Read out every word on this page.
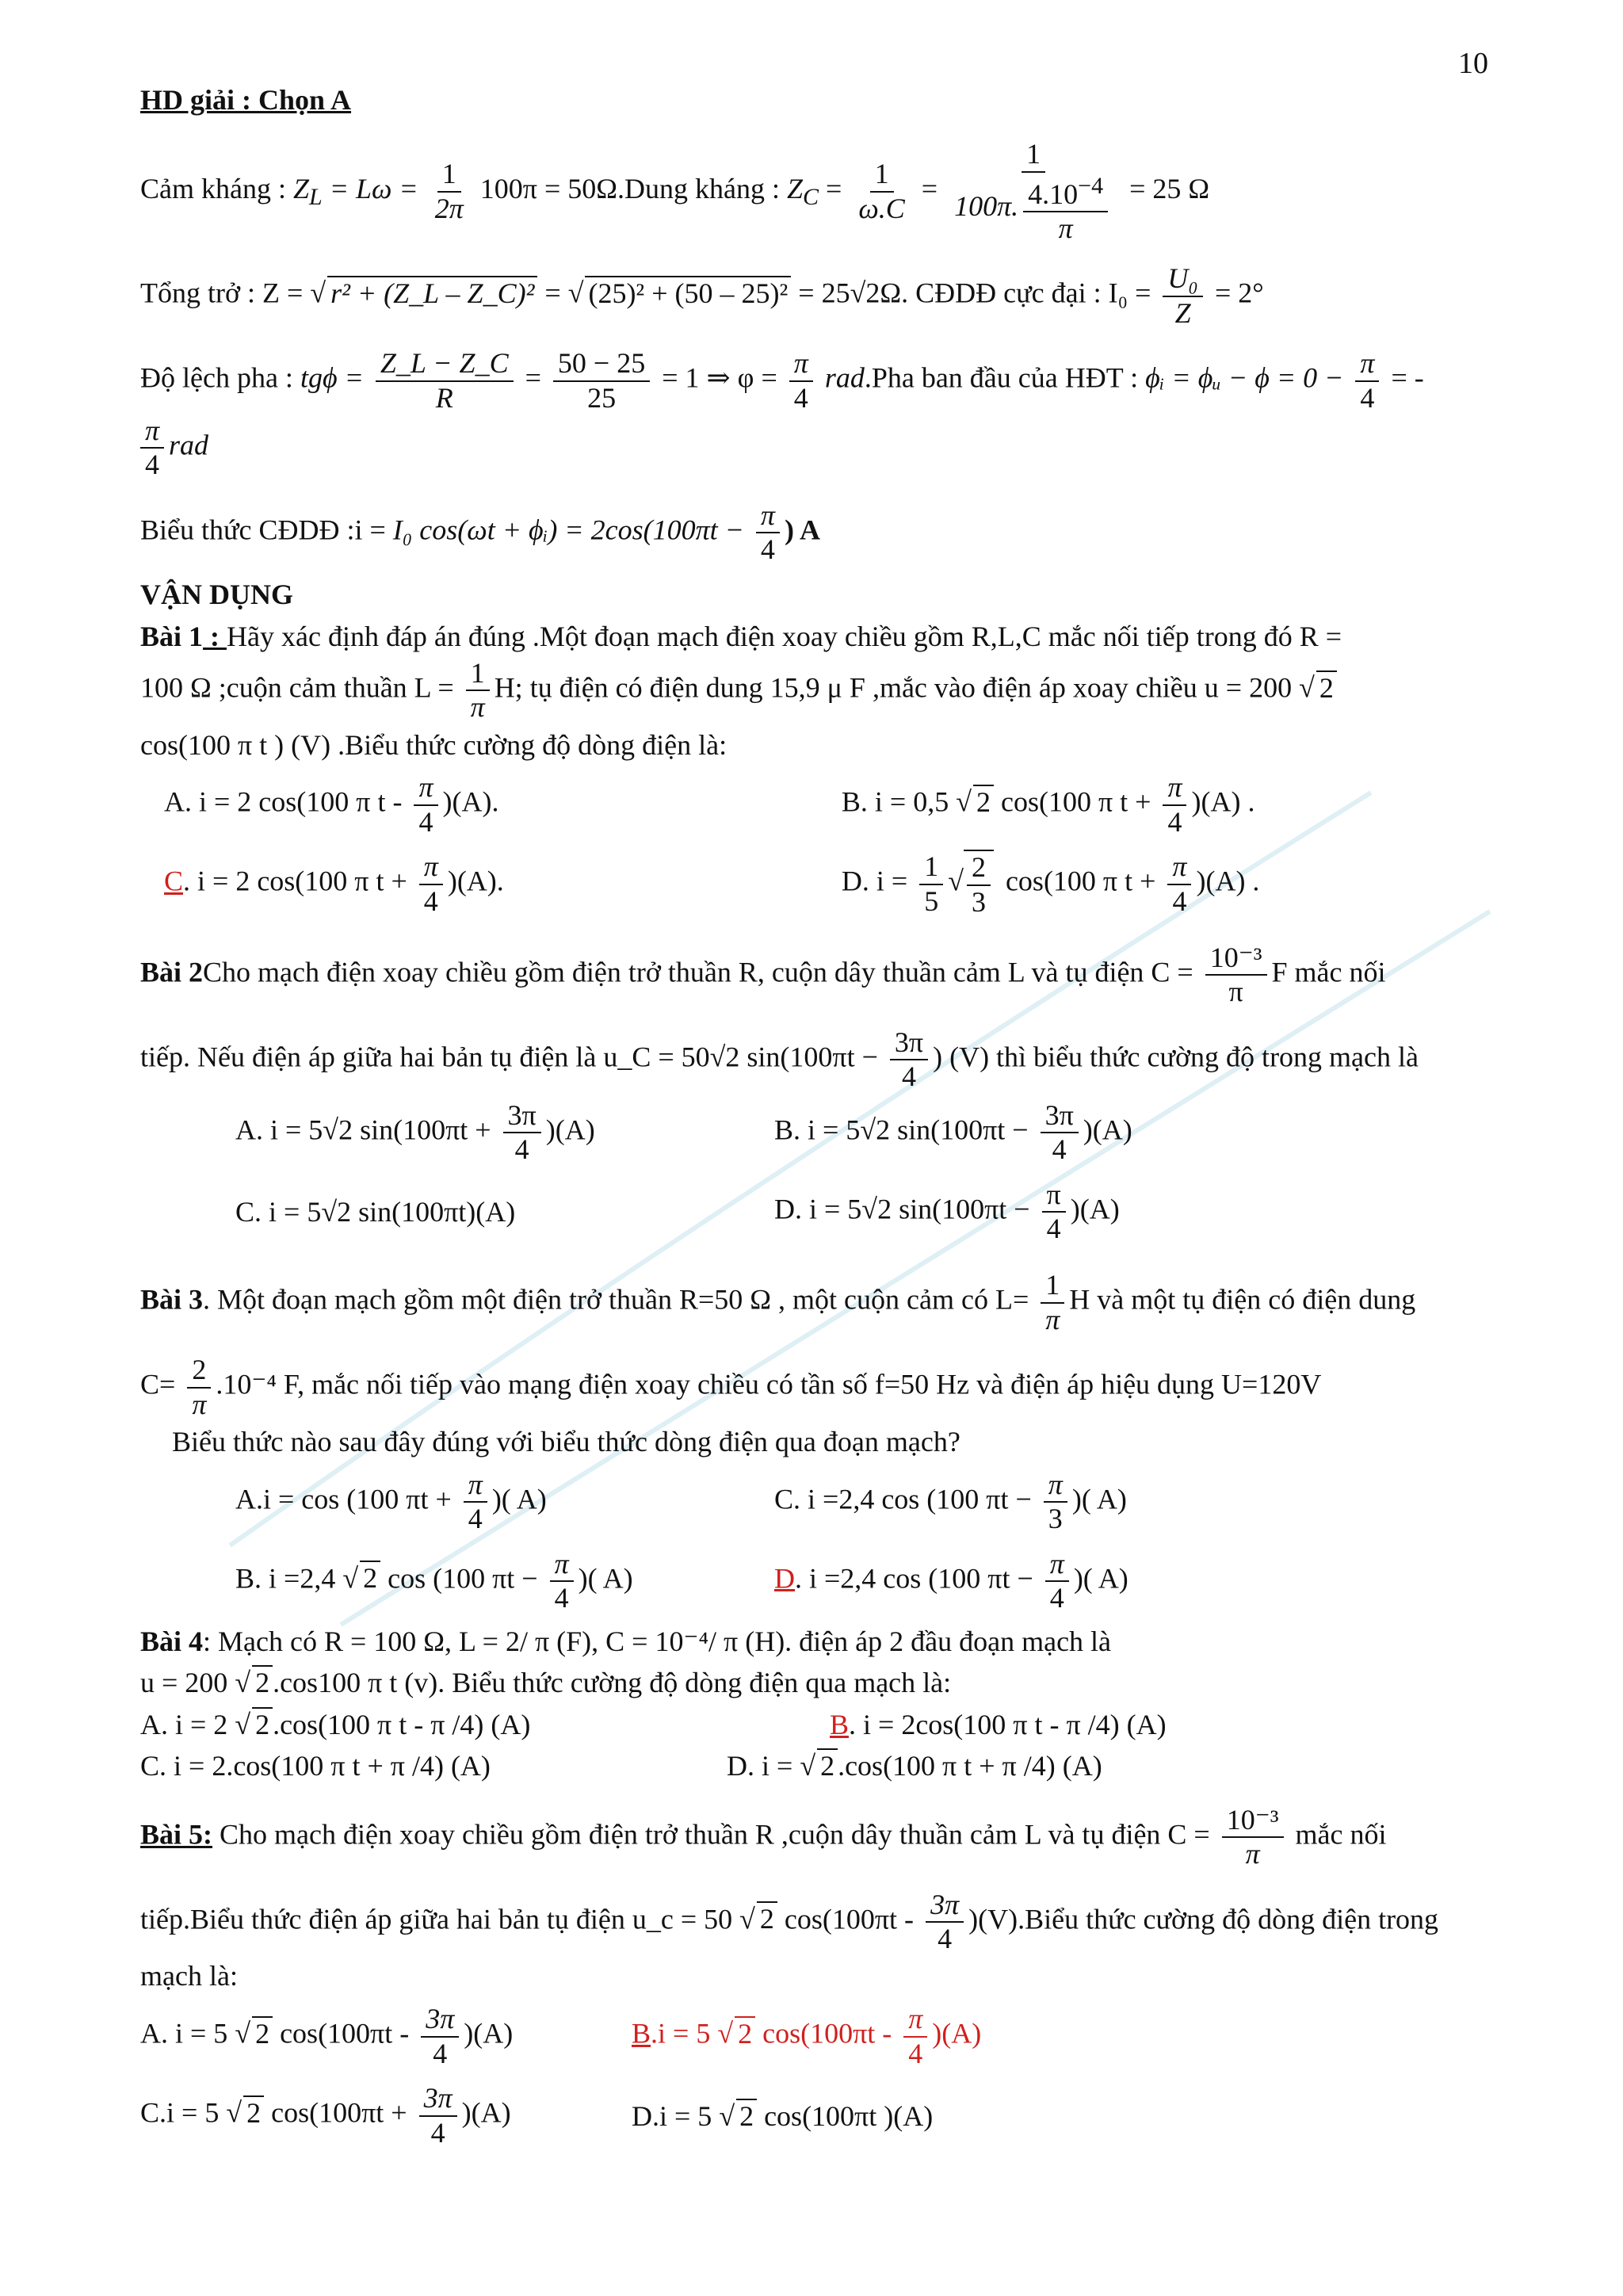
10
HD giải : Chọn A
Cảm kháng : $Z_L = L\omega = \frac{1}{2\pi} 100\pi$ = 50Ω.Dung kháng : $Z_C = \frac{1}{\omega.C} = \frac{1}{100\pi. \frac{4.10^{-4}}{\pi}} = 25$ Ω
Tổng trở : Z = √ r² + (Z_L – Z_C)² = √ (25)² + (50 – 25)² = 25√2Ω. CĐDĐ cực đại : $I_0 = \frac{\text{U₀}}{Z} = 2^\circ$
Độ lệch pha : $tg\phi = \frac{Z\_L - Z\_C}{R} = \frac{50 - 25}{25} = 1$ ⇒ $\varphi = \frac{\pi}{4} rad.Pha$ ban đầu của HĐT : ϕᵢ = ϕᵤ − $\phi = 0 - \frac{\pi}{4}$ = -
$\frac{\pi}{4}$ rad
Biểu thức CĐDĐ :i = I₀ cos(ωt + ϕᵢ) = $2\cos(100\pi t - \frac{\pi}{4}$ ) A
VẬN DỤNG
Bài 1 : Hãy xác định đáp án đúng .Một đoạn mạch điện xoay chiều gồm R,L,C mắc nối tiếp trong đó R =
100 Ω ;cuộn cảm thuần $L = \frac{1}{\pi} H$; tụ điện có điện dung 15,9 μ F ,mắc vào điện áp xoay chiều u = 200 √ 2
cos(100 π t ) (V) .Biểu thức cường độ dòng điện là:
A. i = 2 cos(100 π t - $\frac{\pi}{4} )(A)$.	B. i = 0,5 √ 2 cos(100 π $t + \frac{\pi}{4} )(A)$ .
C. i = 2 cos(100 π $t + \frac{\pi}{4} )(A)$.	D. $i = \frac{1}{5}$ √ $\frac{2}{3} \cos(100$ π $t + \frac{\pi}{4} )(A)$ .
Bài 2Cho mạch điện xoay chiều gồm điện trở thuần R, cuộn dây thuần cảm L và tụ điện $C = \frac{\text{10⁻³}}{\pi}$ F mắc nối
tiếp. Nếu điện áp giữa hai bản tụ điện là u_C = 50√2 $\sin(100\pi t - \frac{3\pi}{4}$ ) (V) thì biểu thức cường độ trong mạch là
A. i = 5√2 $\sin(100\pi t + \frac{3\pi}{4} )(A)$	B. i = 5√2 $\sin(100\pi t - \frac{3\pi}{4} )(A)$
C. i = 5√2 sin(100πt)(A)	D. i = 5√2 $\sin(100\pi t - \frac{\pi}{4} )(A)$
Bài 3. Một đoạn mạch gồm một điện trở thuần R=50 Ω , một cuộn cảm có $L= \frac{1}{\pi}$ H và một tụ điện có điện dung
$C= \frac{2}{\pi} .10^{-4}$ F, mắc nối tiếp vào mạng điện xoay chiều có tần số f=50 Hz và điện áp hiệu dụng U=120V
Biểu thức nào sau đây đúng với biểu thức dòng điện qua đoạn mạch?
A.i = cos (100 $\pi t + \frac{\pi}{4}$ )( A)	C. i =2,4 cos (100 $\pi t - \frac{\pi}{3}$ )( A)
B. i =2,4 √ 2 cos (100 $\pi t - \frac{\pi}{4}$ )( A)	D. i =2,4 cos (100 $\pi t - \frac{\pi}{4}$ )( A)
Bài 4: Mạch có R = 100 Ω, L = 2/ π (F), C = 10⁻⁴/ π (H). điện áp 2 đầu đoạn mạch là
u = 200 √ 2 .cos100 π t (v). Biểu thức cường độ dòng điện qua mạch là:
A. i = 2 √ 2 .cos(100 π t - π /4) (A)	B. i = 2cos(100 π t - π /4) (A)
C. i = 2.cos(100 π t + π /4) (A)	D. i = √ 2 .cos(100 π t + π /4) (A)
Bài 5: Cho mạch điện xoay chiều gồm điện trở thuần R ,cuộn dây thuần cảm L và tụ điện $C = \frac{\text{10⁻³}}{\pi}$ mắc nối
tiếp.Biểu thức điện áp giữa hai bản tụ điện u_c = 50 √ 2 $\cos(100\pi t - \frac{3\pi}{4}$ )(V).Biểu thức cường độ dòng điện trong
mạch là:
A. i = 5 √ 2 $\cos(100\pi t - \frac{3\pi}{4} )(A)$	B.i = 5 √ 2 $\cos(100\pi t - \frac{\pi}{4} )(A)$
C.i = 5 √ 2 $\cos(100\pi t + \frac{3\pi}{4} )(A)$	D.i = 5 √ 2 cos(100πt )(A)
